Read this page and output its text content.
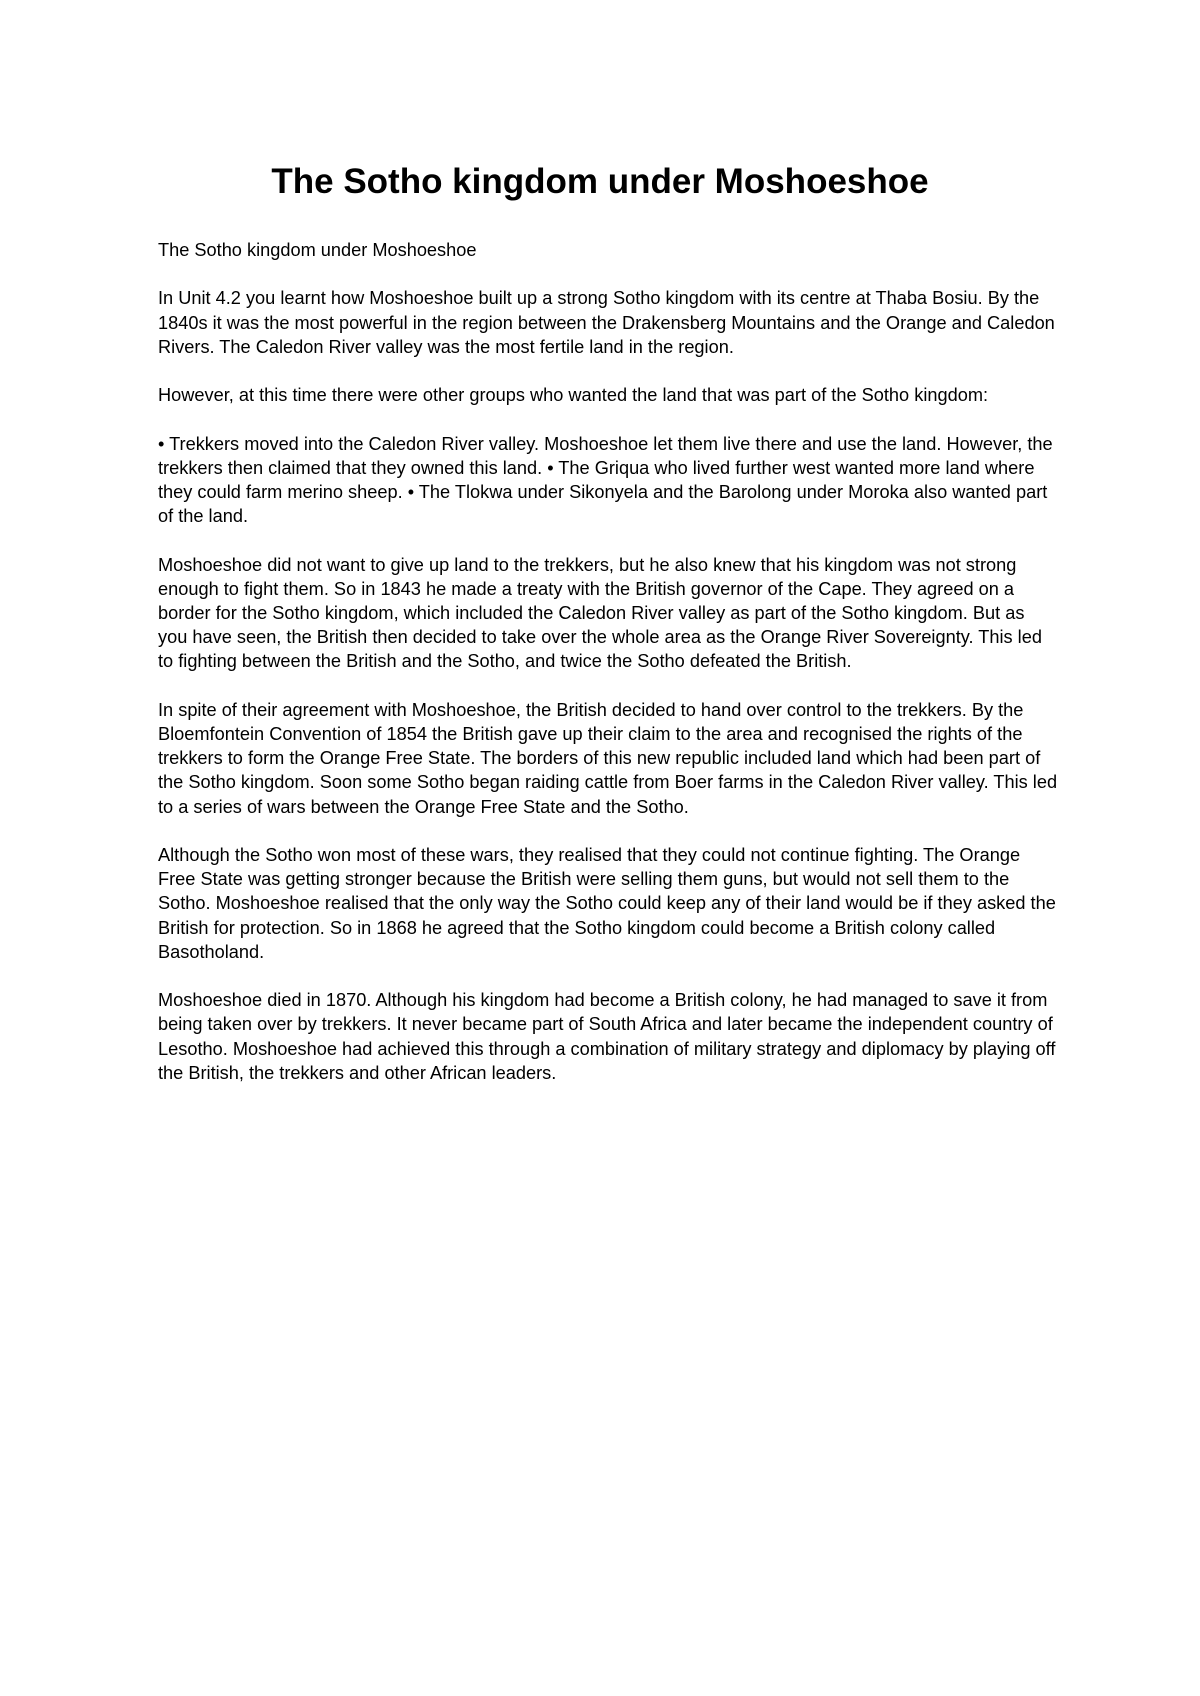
The Sotho kingdom under Moshoeshoe

The Sotho kingdom under Moshoeshoe

In Unit 4.2 you learnt how Moshoeshoe built up a strong Sotho kingdom with its centre at Thaba Bosiu. By the 1840s it was the most powerful in the region between the Drakensberg Mountains and the Orange and Caledon Rivers. The Caledon River valley was the most fertile land in the region.

However, at this time there were other groups who wanted the land that was part of the Sotho kingdom:

• Trekkers moved into the Caledon River valley. Moshoeshoe let them live there and use the land. However, the trekkers then claimed that they owned this land. • The Griqua who lived further west wanted more land where they could farm merino sheep. • The Tlokwa under Sikonyela and the Barolong under Moroka also wanted part of the land.

Moshoeshoe did not want to give up land to the trekkers, but he also knew that his kingdom was not strong enough to fight them. So in 1843 he made a treaty with the British governor of the Cape. They agreed on a border for the Sotho kingdom, which included the Caledon River valley as part of the Sotho kingdom. But as you have seen, the British then decided to take over the whole area as the Orange River Sovereignty. This led to fighting between the British and the Sotho, and twice the Sotho defeated the British.

In spite of their agreement with Moshoeshoe, the British decided to hand over control to the trekkers. By the Bloemfontein Convention of 1854 the British gave up their claim to the area and recognised the rights of the trekkers to form the Orange Free State. The borders of this new republic included land which had been part of the Sotho kingdom. Soon some Sotho began raiding cattle from Boer farms in the Caledon River valley. This led to a series of wars between the Orange Free State and the Sotho.

Although the Sotho won most of these wars, they realised that they could not continue fighting. The Orange Free State was getting stronger because the British were selling them guns, but would not sell them to the Sotho. Moshoeshoe realised that the only way the Sotho could keep any of their land would be if they asked the British for protection. So in 1868 he agreed that the Sotho kingdom could become a British colony called Basotholand.

Moshoeshoe died in 1870. Although his kingdom had become a British colony, he had managed to save it from being taken over by trekkers. It never became part of South Africa and later became the independent country of Lesotho. Moshoeshoe had achieved this through a combination of military strategy and diplomacy by playing off the British, the trekkers and other African leaders.
